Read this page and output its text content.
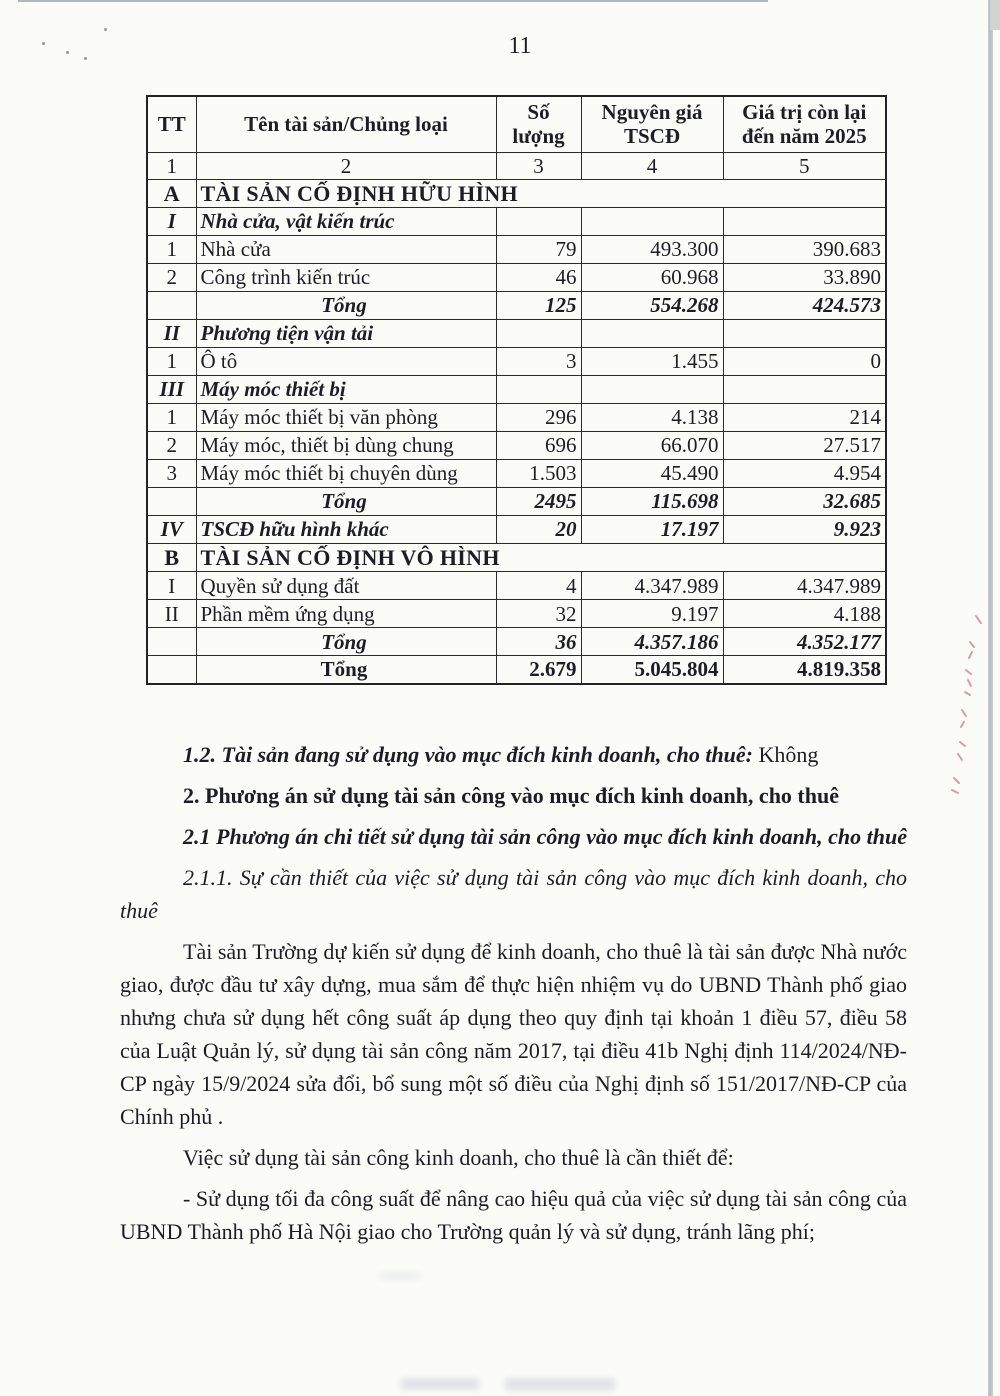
11
TT	Tên tài sản/Chủng loại	Số lượng	Nguyên giá TSCĐ	Giá trị còn lại đến năm 2025
1	2	3	4	5
A	TÀI SẢN CỐ ĐỊNH HỮU HÌNH			
I	Nhà cửa, vật kiến trúc			
1	Nhà cửa	79	493.300	390.683
2	Công trình kiến trúc	46	60.968	33.890
	Tổng	125	554.268	424.573
II	Phương tiện vận tải			
1	Ô tô	3	1.455	0
III	Máy móc thiết bị			
1	Máy móc thiết bị văn phòng	296	4.138	214
2	Máy móc, thiết bị dùng chung	696	66.070	27.517
3	Máy móc thiết bị chuyên dùng	1.503	45.490	4.954
	Tổng	2495	115.698	32.685
IV	TSCĐ hữu hình khác	20	17.197	9.923
B	TÀI SẢN CỐ ĐỊNH VÔ HÌNH			
I	Quyền sử dụng đất	4	4.347.989	4.347.989
II	Phần mềm ứng dụng	32	9.197	4.188
	Tổng	36	4.357.186	4.352.177
	Tổng	2.679	5.045.804	4.819.358

1.2. Tài sản đang sử dụng vào mục đích kinh doanh, cho thuê: Không

2. Phương án sử dụng tài sản công vào mục đích kinh doanh, cho thuê

2.1 Phương án chi tiết sử dụng tài sản công vào mục đích kinh doanh, cho thuê

2.1.1. Sự cần thiết của việc sử dụng tài sản công vào mục đích kinh doanh, cho thuê

Tài sản Trường dự kiến sử dụng để kinh doanh, cho thuê là tài sản được Nhà nước giao, được đầu tư xây dựng, mua sắm để thực hiện nhiệm vụ do UBND Thành phố giao nhưng chưa sử dụng hết công suất áp dụng theo quy định tại khoản 1 điều 57, điều 58 của Luật Quản lý, sử dụng tài sản công năm 2017, tại điều 41b Nghị định 114/2024/NĐ-CP ngày 15/9/2024 sửa đổi, bổ sung một số điều của Nghị định số 151/2017/NĐ-CP của Chính phủ .

Việc sử dụng tài sản công kinh doanh, cho thuê là cần thiết để:

- Sử dụng tối đa công suất để nâng cao hiệu quả của việc sử dụng tài sản công của UBND Thành phố Hà Nội giao cho Trường quản lý và sử dụng, tránh lãng phí;
